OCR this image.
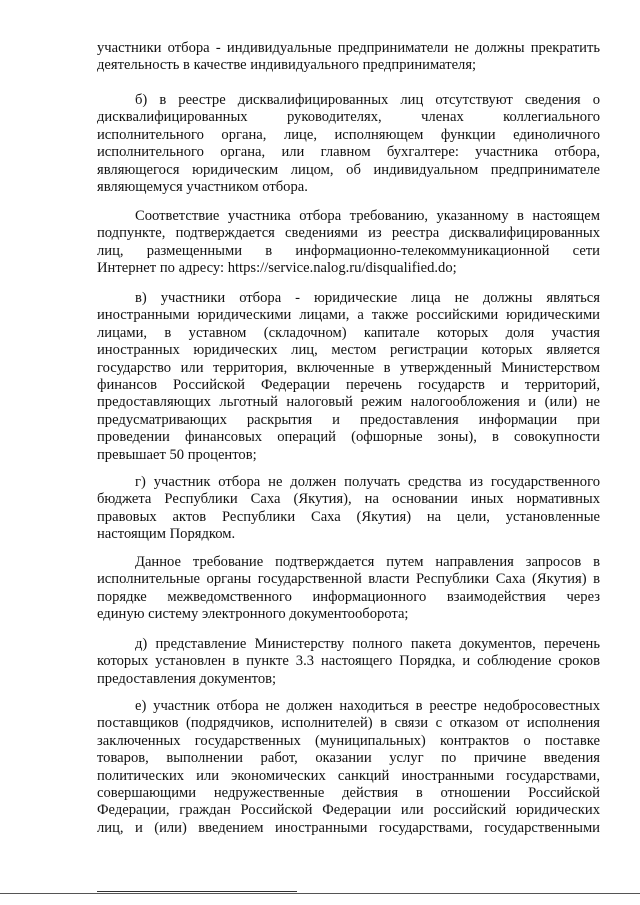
участники отбора - индивидуальные предприниматели не должны прекратить
деятельность в качестве индивидуального предпринимателя;
б) в реестре дисквалифицированных лиц отсутствуют сведения о
дисквалифицированных руководителях, членах коллегиального
исполнительного органа, лице, исполняющем функции единоличного
исполнительного органа, или главном бухгалтере: участника отбора,
являющегося юридическим лицом, об индивидуальном предпринимателе
являющемуся участником отбора.
Соответствие участника отбора требованию, указанному в настоящем
подпункте, подтверждается сведениями из реестра дисквалифицированных
лиц, размещенными в информационно-телекоммуникационной сети
Интернет по адресу: https://service.nalog.ru/disqualified.do;
в) участники отбора - юридические лица не должны являться
иностранными юридическими лицами, а также российскими юридическими
лицами, в уставном (складочном) капитале которых доля участия
иностранных юридических лиц, местом регистрации которых является
государство или территория, включенные в утвержденный Министерством
финансов Российской Федерации перечень государств и территорий,
предоставляющих льготный налоговый режим налогообложения и (или) не
предусматривающих раскрытия и предоставления информации при
проведении финансовых операций (офшорные зоны), в совокупности
превышает 50 процентов;
г) участник отбора не должен получать средства из государственного
бюджета Республики Саха (Якутия), на основании иных нормативных
правовых актов Республики Саха (Якутия) на цели, установленные
настоящим Порядком.
Данное требование подтверждается путем направления запросов в
исполнительные органы государственной власти Республики Саха (Якутия) в
порядке межведомственного информационного взаимодействия через
единую систему электронного документооборота;
д) представление Министерству полного пакета документов, перечень
которых установлен в пункте 3.3 настоящего Порядка, и соблюдение сроков
предоставления документов;
е) участник отбора не должен находиться в реестре недобросовестных
поставщиков (подрядчиков, исполнителей) в связи с отказом от исполнения
заключенных государственных (муниципальных) контрактов о поставке
товаров, выполнении работ, оказании услуг по причине введения
политических или экономических санкций иностранными государствами,
совершающими недружественные действия в отношении Российской
Федерации, граждан Российской Федерации или российский юридических
лиц, и (или) введением иностранными государствами, государственными
